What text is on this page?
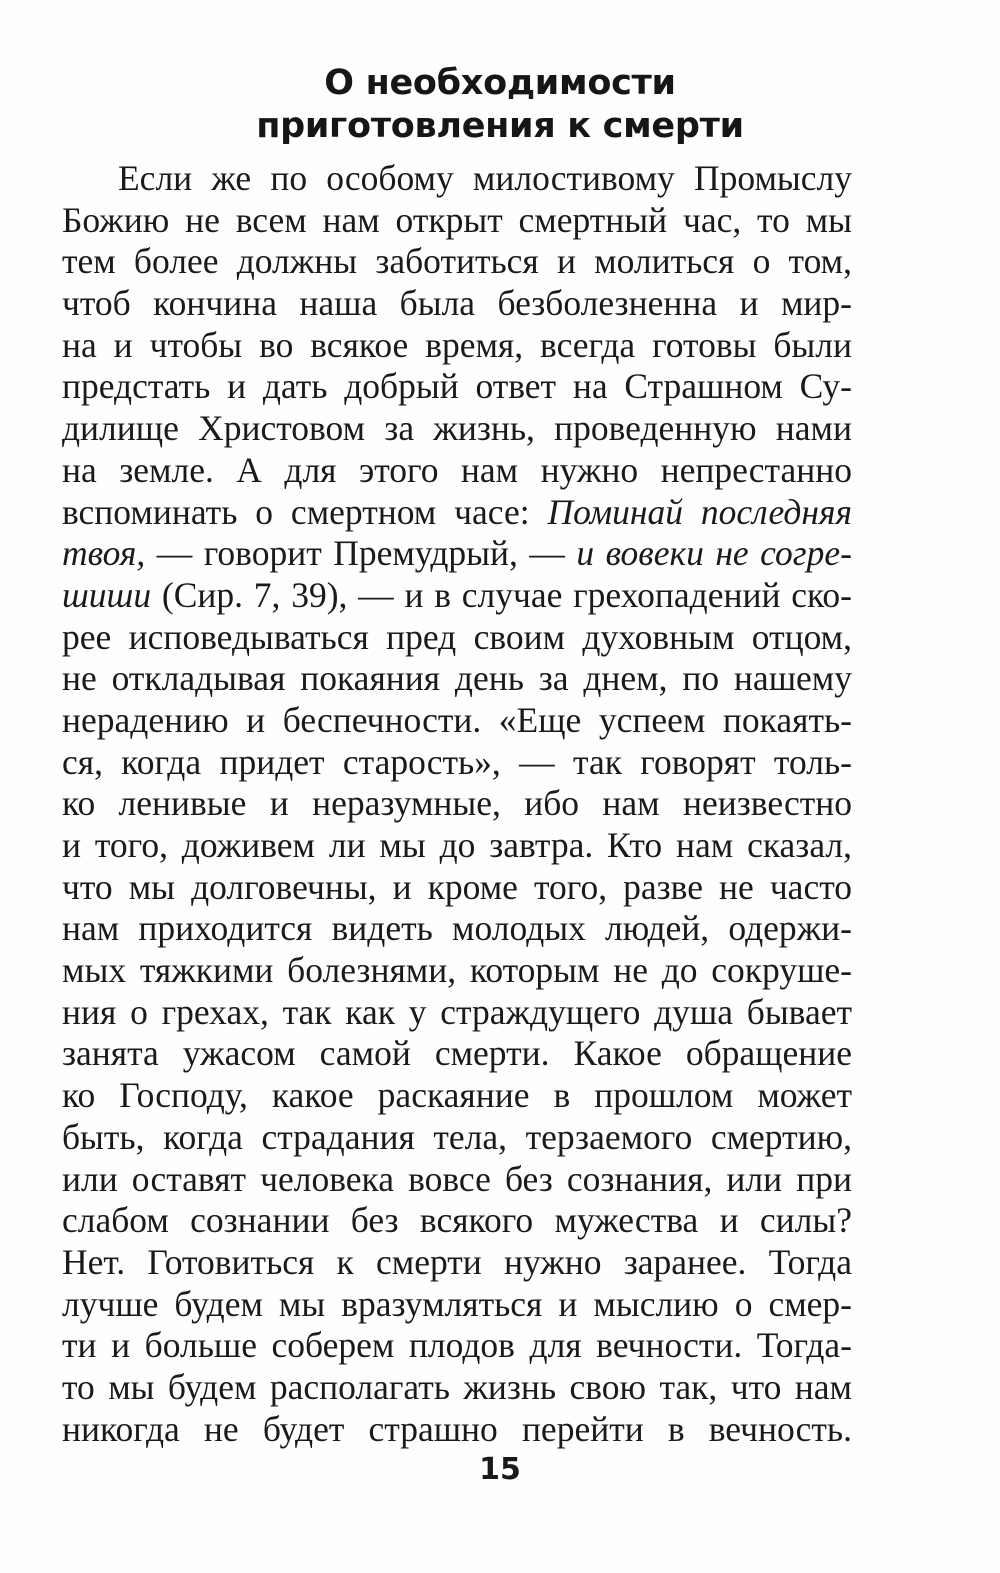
О необходимости
приготовления к смерти
Если же по особому милостивому Промыслу
Божию не всем нам открыт смертный час, то мы
тем более должны заботиться и молиться о том,
чтоб кончина наша была безболезненна и мир-
на и чтобы во всякое время, всегда готовы были
предстать и дать добрый ответ на Страшном Су-
дилище Христовом за жизнь, проведенную нами
на земле. А для этого нам нужно непрестанно
вспоминать о смертном часе: Поминай последняя
твоя, — говорит Премудрый, — и вовеки не согре-
шиши (Сир. 7, 39), — и в случае грехопадений ско-
рее исповедываться пред своим духовным отцом,
не откладывая покаяния день за днем, по нашему
нерадению и беспечности. «Еще успеем покаять-
ся, когда придет старость», — так говорят толь-
ко ленивые и неразумные, ибо нам неизвестно
и того, доживем ли мы до завтра. Кто нам сказал,
что мы долговечны, и кроме того, разве не часто
нам приходится видеть молодых людей, одержи-
мых тяжкими болезнями, которым не до сокруше-
ния о грехах, так как у страждущего душа бывает
занята ужасом самой смерти. Какое обращение
ко Господу, какое раскаяние в прошлом может
быть, когда страдания тела, терзаемого смертию,
или оставят человека вовсе без сознания, или при
слабом сознании без всякого мужества и силы?
Нет. Готовиться к смерти нужно заранее. Тогда
лучше будем мы вразумляться и мыслию о смер-
ти и больше соберем плодов для вечности. Тогда-
то мы будем располагать жизнь свою так, что нам
никогда не будет страшно перейти в вечность.
15
